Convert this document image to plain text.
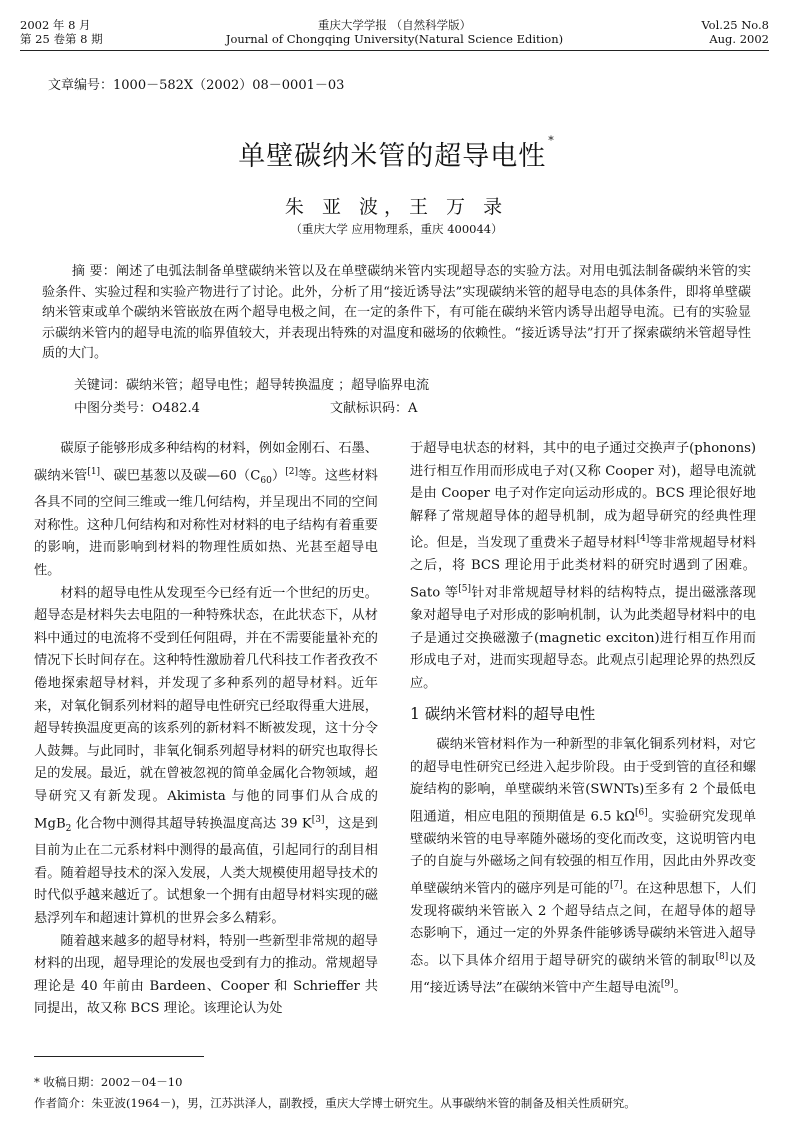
2002 年 8 月
第 25 卷第 8 期
重庆大学学报 （自然科学版）
Journal of Chongqing University(Natural Science Edition)
Vol.25 No.8
Aug. 2002
文章编号：1000－582X（2002）08－0001－03
单壁碳纳米管的超导电性*
朱 亚 波，王 万 录
（重庆大学 应用物理系，重庆 400044）
摘 要：阐述了电弧法制备单壁碳纳米管以及在单壁碳纳米管内实现超导态的实验方法。对用电弧法制备碳纳米管的实验条件、实验过程和实验产物进行了讨论。此外，分析了用“接近诱导法”实现碳纳米管的超导电态的具体条件，即将单壁碳纳米管束或单个碳纳米管嵌放在两个超导电极之间，在一定的条件下，有可能在碳纳米管内诱导出超导电流。已有的实验显示碳纳米管内的超导电流的临界值较大，并表现出特殊的对温度和磁场的依赖性。“接近诱导法”打开了探索碳纳米管超导性质的大门。
关键词：碳纳米管；超导电性；超导转换温度 ；超导临界电流
中图分类号：O482.4	文献标识码：A

碳原子能够形成多种结构的材料，例如金刚石、石墨、碳纳米管[1]、碳巴基葱以及碳$—60(C_{60})[2]$等。这些材料各具不同的空间三维或一维几何结构，并呈现出不同的空间对称性。这种几何结构和对称性对材料的电子结构有着重要的影响，进而影响到材料的物理性质如热、光甚至超导电性。

材料的超导电性从发现至今已经有近一个世纪的历史。超导态是材料失去电阻的一种特殊状态，在此状态下，从材料中通过的电流将不受到任何阻碍，并在不需要能量补充的情况下长时间存在。这种特性激励着几代科技工作者孜孜不倦地探索超导材料，并发现了多种系列的超导材料。近年来，对氧化铜系列材料的超导电性研究已经取得重大进展，超导转换温度更高的该系列的新材料不断被发现，这十分令人鼓舞。与此同时，非氧化铜系列超导材料的研究也取得长足的发展。最近，就在曾被忽视的简单金属化合物领域，超导研究又有新发现。Akimista 与他的同事们从合成的 MgB$_2$ 化合物中测得其超导转换温度高达 39 K[3]，这是到目前为止在二元系材料中测得的最高值，引起同行的刮目相看。随着超导技术的深入发展，人类大规模使用超导技术的时代似乎越来越近了。试想象一个拥有由超导材料实现的磁悬浮列车和超速计算机的世界会多么精彩。

随着越来越多的超导材料，特别一些新型非常规的超导材料的出现，超导理论的发展也受到有力的推动。常规超导理论是 40 年前由 Bardeen、Cooper 和 Schrieffer 共同提出，故又称 BCS 理论。该理论认为处

于超导电状态的材料，其中的电子通过交换声子(phonons)进行相互作用而形成电子对(又称 Cooper 对)，超导电流就是由 Cooper 电子对作定向运动形成的。BCS 理论很好地解释了常规超导体的超导机制，成为超导研究的经典性理论。但是，当发现了重费米子超导材料[4]等非常规超导材料之后，将 BCS 理论用于此类材料的研究时遇到了困难。Sato 等[5]针对非常规超导材料的结构特点，提出磁涨落现象对超导电子对形成的影响机制，认为此类超导材料中的电子是通过交换磁激子(magnetic exciton)进行相互作用而形成电子对，进而实现超导态。此观点引起理论界的热烈反应。

1 碳纳米管材料的超导电性

碳纳米管材料作为一种新型的非氧化铜系列材料，对它的超导电性研究已经进入起步阶段。由于受到管的直径和螺旋结构的影响，单壁碳纳米管(SWNTs)至多有 2 个最低电阻通道，相应电阻的预期值是 6.5 kΩ[6]。实验研究发现单壁碳纳米管的电导率随外磁场的变化而改变，这说明管内电子的自旋与外磁场之间有较强的相互作用，因此由外界改变单壁碳纳米管内的磁序列是可能的[7]。在这种思想下，人们发现将碳纳米管嵌入 2 个超导结点之间，在超导体的超导态影响下，通过一定的外界条件能够诱导碳纳米管进入超导态。以下具体介绍用于超导研究的碳纳米管的制取[8]以及用“接近诱导法”在碳纳米管中产生超导电流[9]。

* 收稿日期：2002－04－10
作者简介：朱亚波(1964－)，男，江苏洪泽人，副教授，重庆大学博士研究生。从事碳纳米管的制备及相关性质研究。
